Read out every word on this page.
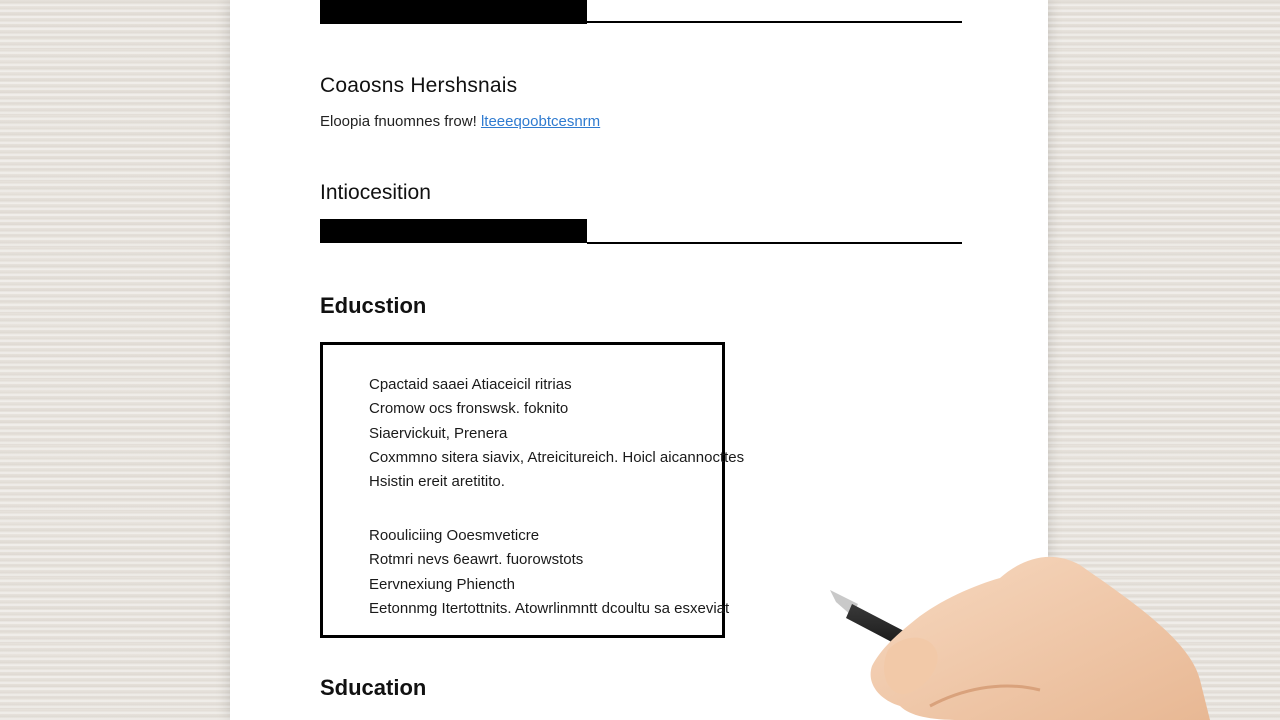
Coaosns Hershsnais
Eloopia fnuomnes frow! lteeeqoobtcesnrm
Intiocesition
Educstion
Cpactaid saaei Atiaceicil ritrias
Cromow ocs fronswsk. foknito
Siaervickuit, Prenera
Coxmmno sitera siavix, Atreicitureich. Hoicl aicannocttes
Hsistin ereit aretitito.
Roouliciing Ooesmveticre
Rotmri nevs 6eawrt. fuorowstots
Eervnexiung Phiencth
Eetonnmg Itertottnits. Atowrlinmntt dcoultu sa esxeviat
Sducation
